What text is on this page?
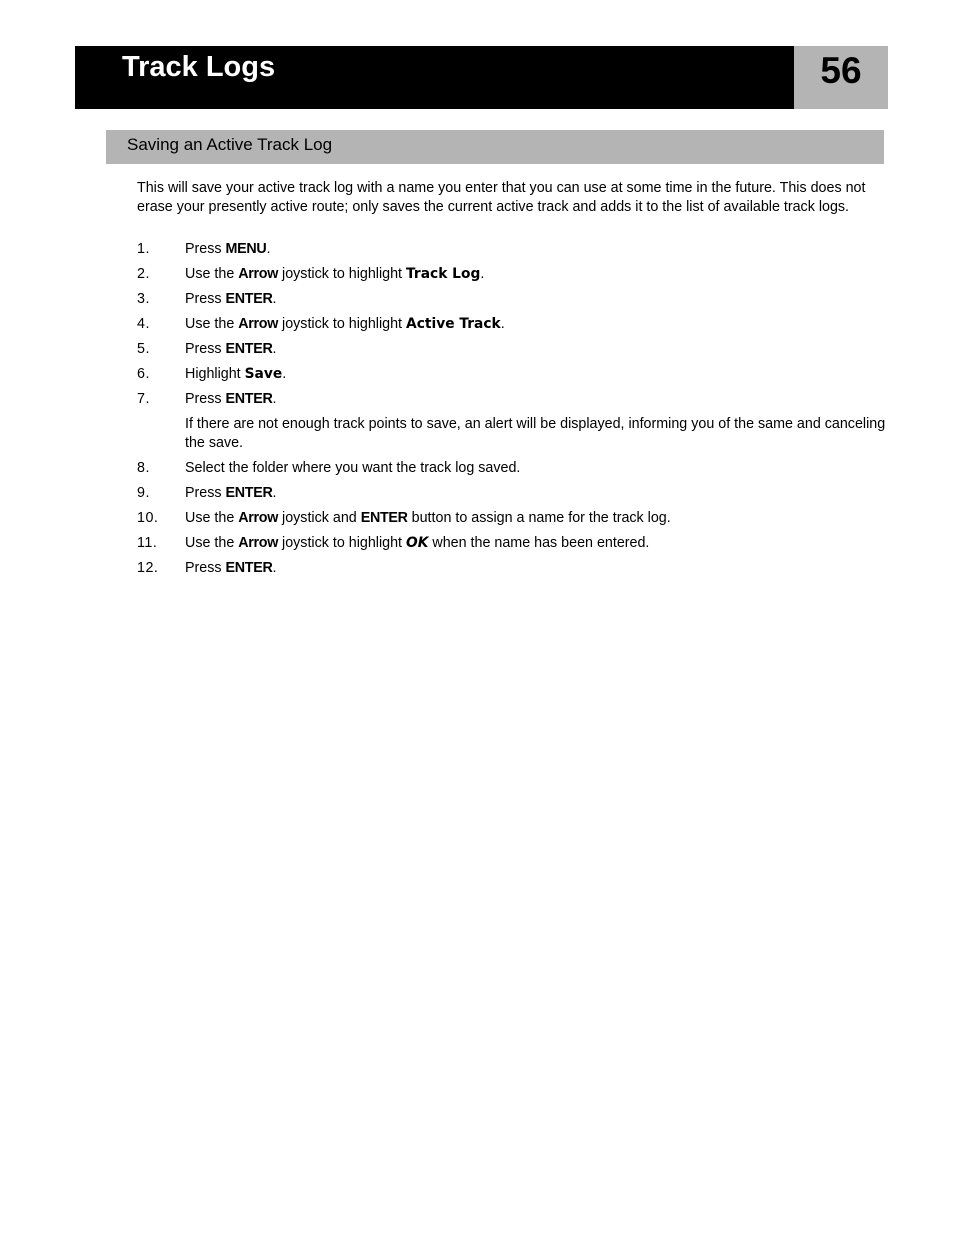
Track Logs	56
Saving an Active Track Log

This will save your active track log with a name you enter that you can use at some time in the future. This does not erase your presently active route; only saves the current active track and adds it to the list of available track logs.

1. Press MENU.
2. Use the Arrow joystick to highlight Track Log.
3. Press ENTER.
4. Use the Arrow joystick to highlight Active Track.
5. Press ENTER.
6. Highlight Save.
7. Press ENTER.
If there are not enough track points to save, an alert will be displayed, informing you of the same and canceling the save.
8. Select the folder where you want the track log saved.
9. Press ENTER.
10. Use the Arrow joystick and ENTER button to assign a name for the track log.
11. Use the Arrow joystick to highlight OK when the name has been entered.
12. Press ENTER.
